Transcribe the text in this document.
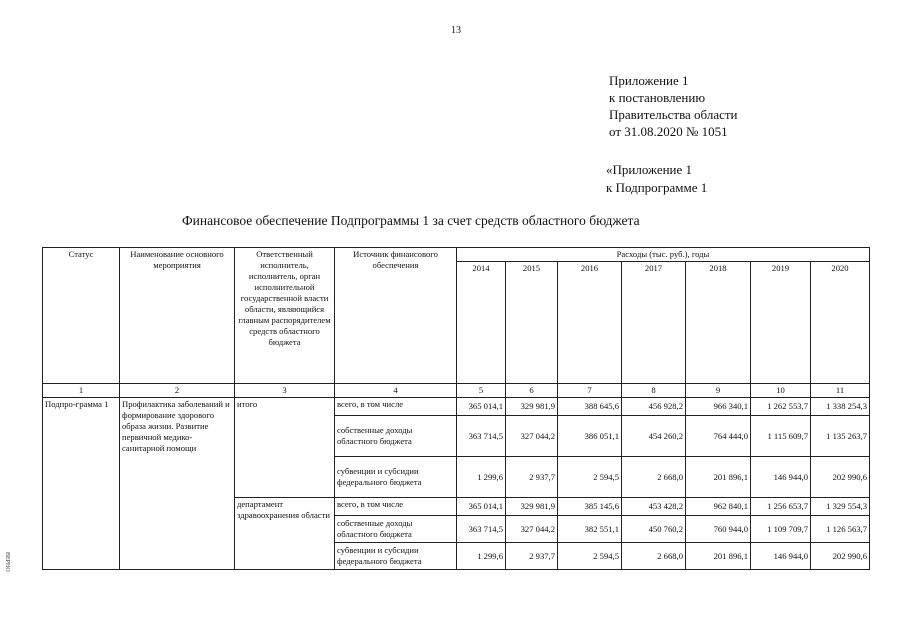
13
Приложение 1
к постановлению
Правительства области
от 31.08.2020 № 1051
«Приложение 1
к Подпрограмме 1
Финансовое обеспечение Подпрограммы 1 за счет средств областного бюджета
ВЕРНО
Статус	Наименование основного мероприятия	Ответственный исполнитель, исполнитель, орган исполнительной государственной власти области, являющийся главным распорядителем средств областного бюджета	Источник финансового обеспечения	Расходы (тыс. руб.), годы						
				2014	2015	2016	2017	2018	2019	2020
1	2	3	4	5	6	7	8	9	10	11
Подпро-грамма 1	Профилактика заболеваний и формирование здорового образа жизни. Развитие первичной медико-санитарной помощи	итого	всего, в том числе	365 014,1	329 981,9	388 645,6	456 928,2	966 340,1	1 262 553,7	1 338 254,3
			собственные доходы областного бюджета	363 714,5	327 044,2	386 051,1	454 260,2	764 444,0	1 115 609,7	1 135 263,7
			субвенции и субсидии федерального бюджета	1 299,6	2 937,7	2 594,5	2 668,0	201 896,1	146 944,0	202 990,6
		департамент здравоохранения области	всего, в том числе	365 014,1	329 981,9	385 145,6	453 428,2	962 840,1	1 256 653,7	1 329 554,3
			собственные доходы областного бюджета	363 714,5	327 044,2	382 551,1	450 760,2	760 944,0	1 109 709,7	1 126 563,7
			субвенции и субсидии федерального бюджета	1 299,6	2 937,7	2 594,5	2 668,0	201 896,1	146 944,0	202 990,6
